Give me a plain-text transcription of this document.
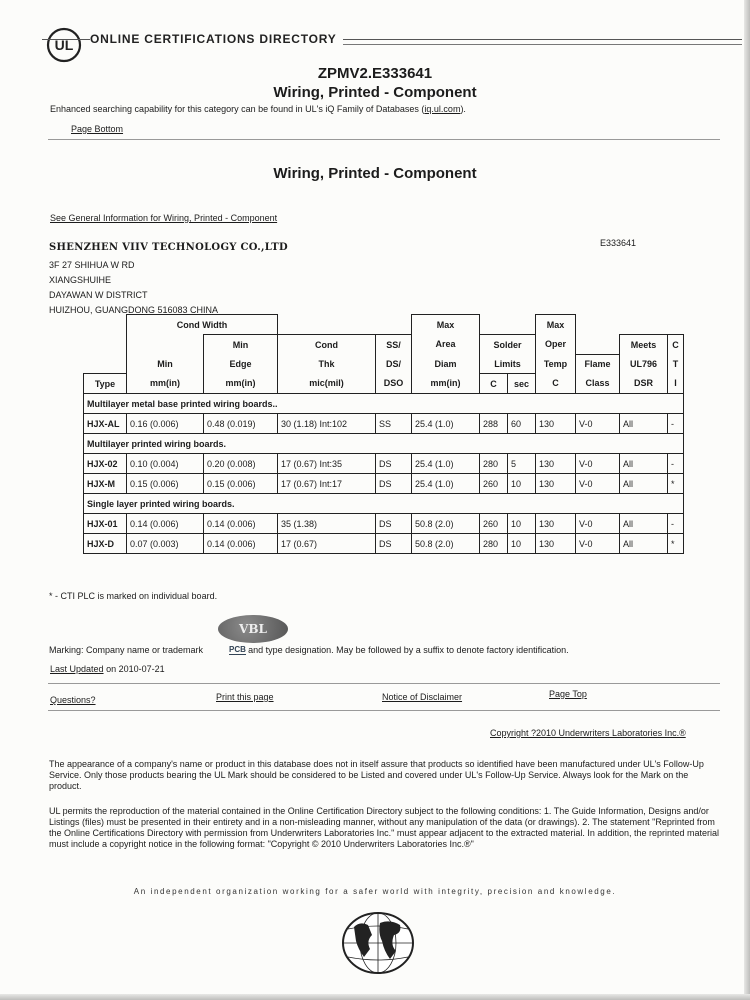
UL ONLINE CERTIFICATIONS DIRECTORY
ZPMV2.E333641
Wiring, Printed - Component
Enhanced searching capability for this category can be found in UL's iQ Family of Databases (iq.ul.com).
Page Bottom
Wiring, Printed - Component
See General Information for Wiring, Printed - Component
SHENZHEN VIIV TECHNOLOGY CO.,LTD	E333641
3F 27 SHIHUA W RD
XIANGSHUIHE
DAYAWAN W DISTRICT
HUIZHOU, GUANGDONG 516083 CHINA
	Cond Width				Max			Max			
		Min	Cond	SS/	Area	Solder		Oper		Meets	C
	Min	Edge	Thk	DS/	Diam	Limits		Temp	Flame	UL796	T
Type	mm(in)	mm(in)	mic(mil)	DSO	mm(in)	C	sec	C	Class	DSR	I
Multilayer metal base printed wiring boards..											
HJX-AL	0.16 (0.006)	0.48 (0.019)	30 (1.18) Int:102	SS	25.4 (1.0)	288	60	130	V-0	All	-
Multilayer printed wiring boards.											
HJX-02	0.10 (0.004)	0.20 (0.008)	17 (0.67) Int:35	DS	25.4 (1.0)	280	5	130	V-0	All	-
HJX-M	0.15 (0.006)	0.15 (0.006)	17 (0.67) Int:17	DS	25.4 (1.0)	260	10	130	V-0	All	*
Single layer printed wiring boards.											
HJX-01	0.14 (0.006)	0.14 (0.006)	35 (1.38)	DS	50.8 (2.0)	260	10	130	V-0	All	-
HJX-D	0.07 (0.003)	0.14 (0.006)	17 (0.67)	DS	50.8 (2.0)	280	10	130	V-0	All	*
* - CTI PLC is marked on individual board.
VBL
Marking: Company name or trademark	and type designation. May be followed by a suffix to denote factory identification.
PCB
Last Updated on 2010-07-21
Questions?	Print this page	Notice of Disclaimer	Page Top
Copyright ?2010 Underwriters Laboratories Inc.®
The appearance of a company's name or product in this database does not in itself assure that products so identified have been manufactured under UL's Follow-Up Service. Only those products bearing the UL Mark should be considered to be Listed and covered under UL's Follow-Up Service. Always look for the Mark on the product.
UL permits the reproduction of the material contained in the Online Certification Directory subject to the following conditions: 1. The Guide Information, Designs and/or Listings (files) must be presented in their entirety and in a non-misleading manner, without any manipulation of the data (or drawings). 2. The statement "Reprinted from the Online Certifications Directory with permission from Underwriters Laboratories Inc." must appear adjacent to the extracted material. In addition, the reprinted material must include a copyright notice in the following format: "Copyright © 2010 Underwriters Laboratories Inc.®"
An independent organization working for a safer world with integrity, precision and knowledge.
